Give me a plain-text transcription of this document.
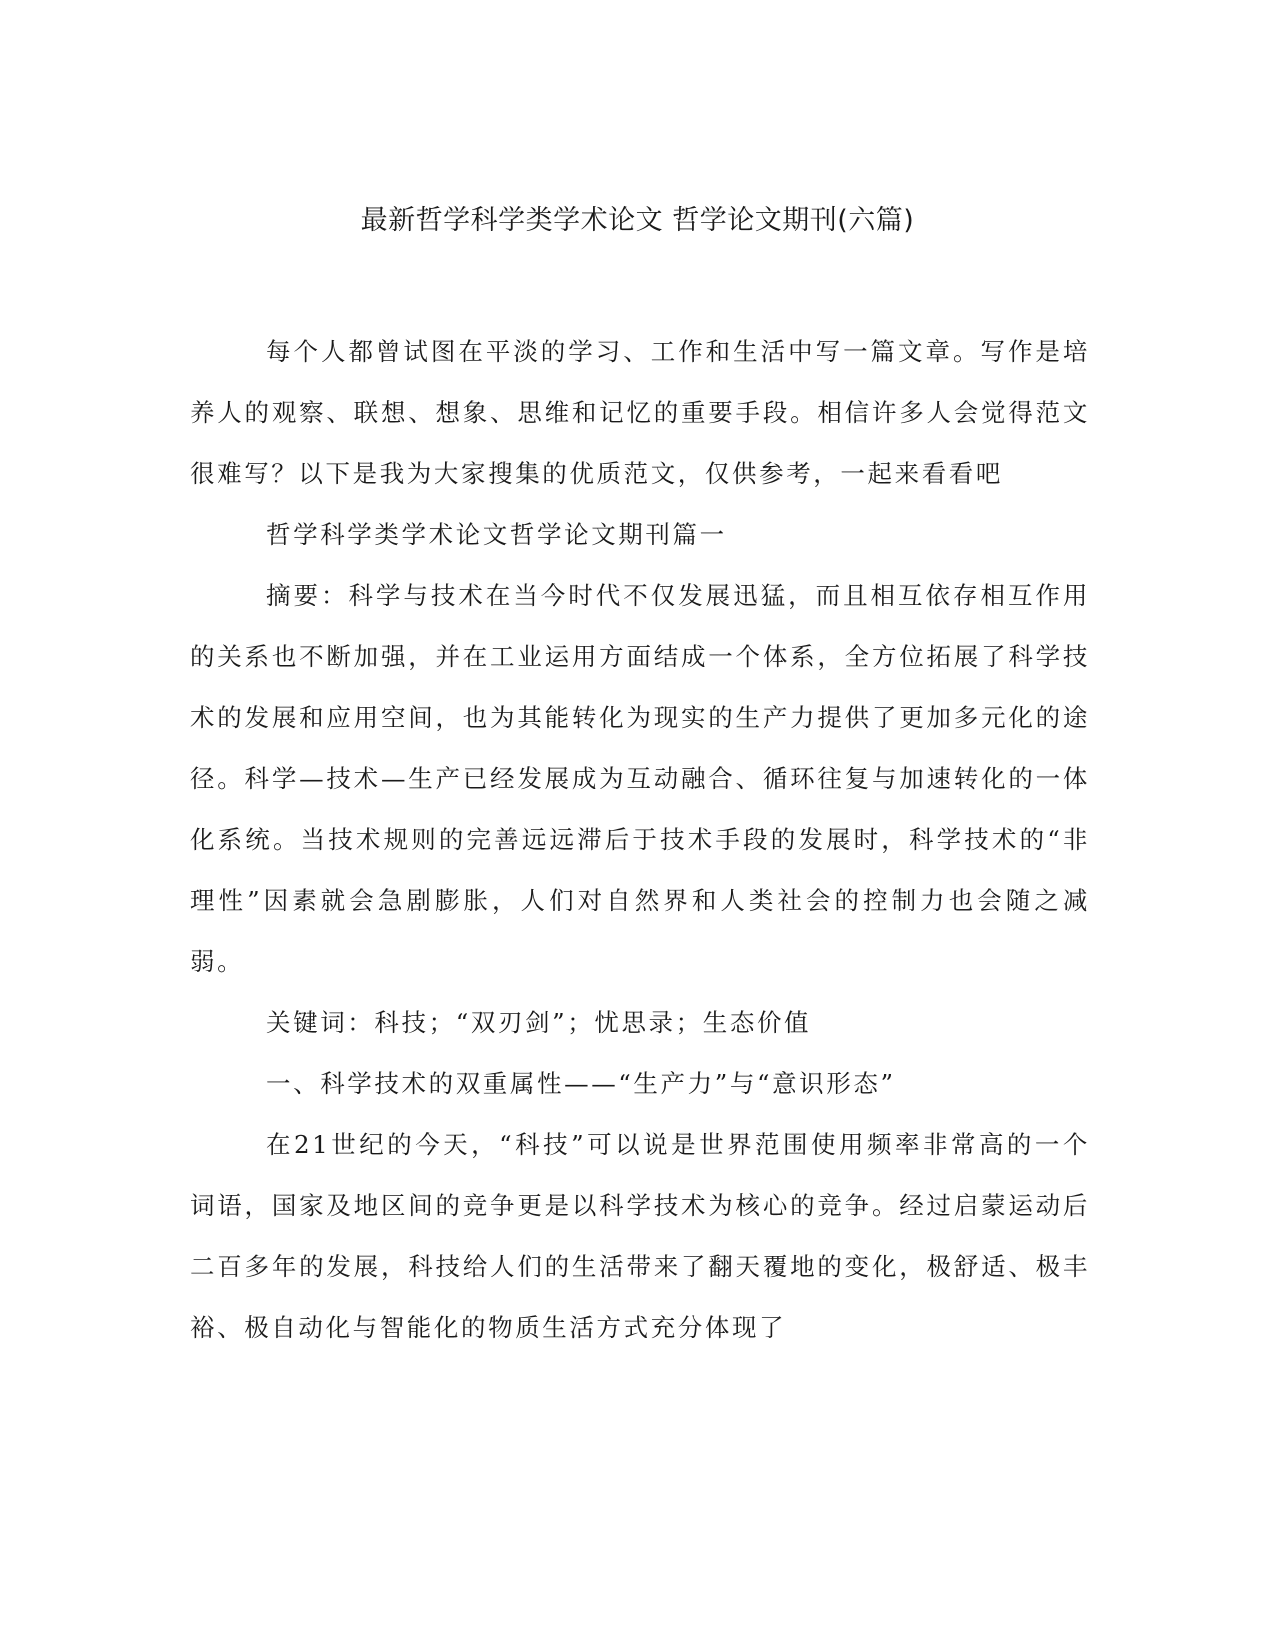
最新哲学科学类学术论文 哲学论文期刊(六篇)

每个人都曾试图在平淡的学习、工作和生活中写一篇文章。写作是培养人的观察、联想、想象、思维和记忆的重要手段。相信许多人会觉得范文很难写？以下是我为大家搜集的优质范文，仅供参考，一起来看看吧

哲学科学类学术论文哲学论文期刊篇一

摘要：科学与技术在当今时代不仅发展迅猛，而且相互依存相互作用的关系也不断加强，并在工业运用方面结成一个体系，全方位拓展了科学技术的发展和应用空间，也为其能转化为现实的生产力提供了更加多元化的途径。科学—技术—生产已经发展成为互动融合、循环往复与加速转化的一体化系统。当技术规则的完善远远滞后于技术手段的发展时，科学技术的“非理性”因素就会急剧膨胀，人们对自然界和人类社会的控制力也会随之减弱。

关键词：科技；“双刃剑”；忧思录；生态价值

一、科学技术的双重属性——“生产力”与“意识形态”

在21世纪的今天，“科技”可以说是世界范围使用频率非常高的一个词语，国家及地区间的竞争更是以科学技术为核心的竞争。经过启蒙运动后二百多年的发展，科技给人们的生活带来了翻天覆地的变化，极舒适、极丰裕、极自动化与智能化的物质生活方式充分体现了
